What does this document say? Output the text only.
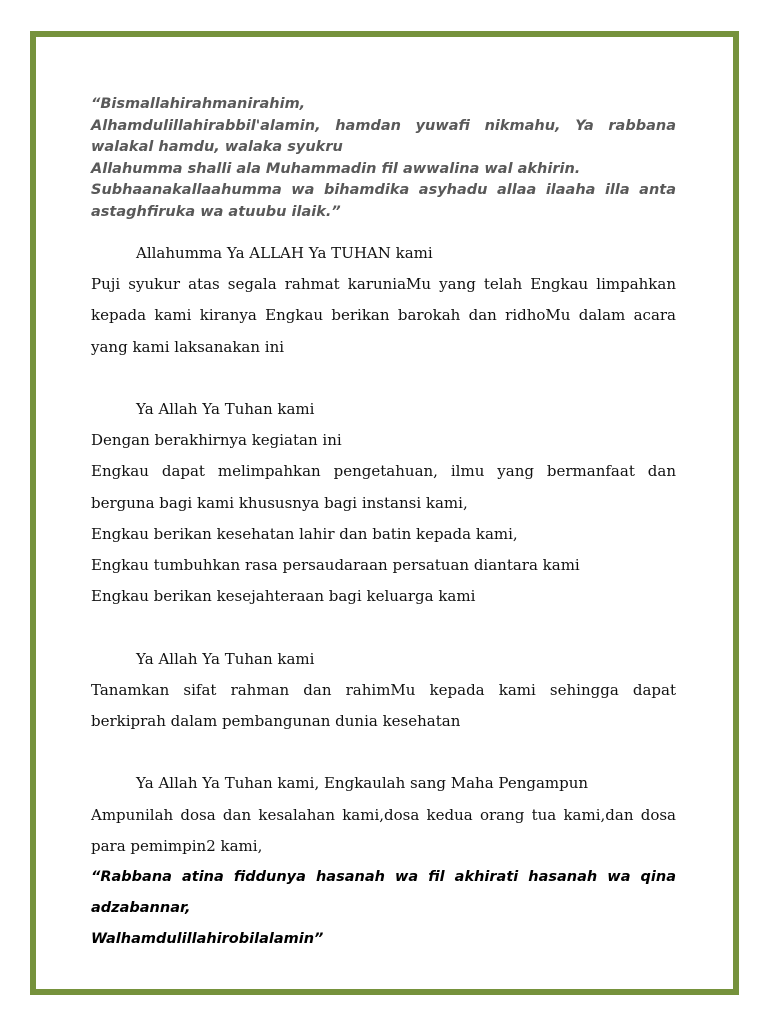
“Bismallahirahmanirahim,

Alhamdulillahirabbil'alamin, hamdan yuwafi nikmahu, Ya rabbana walakal hamdu, walaka syukru

Allahumma shalli ala Muhammadin fil awwalina wal akhirin.

Subhaanakallaahumma wa bihamdika asyhadu allaa ilaaha illa anta astaghfiruka wa atuubu ilaik.”

Allahumma Ya ALLAH Ya TUHAN kami

Puji syukur atas segala rahmat karuniaMu yang telah Engkau limpahkan kepada kami kiranya Engkau berikan barokah dan ridhoMu dalam acara yang kami laksanakan ini

Ya Allah Ya Tuhan kami

Dengan berakhirnya kegiatan ini

Engkau dapat melimpahkan pengetahuan, ilmu yang bermanfaat dan berguna bagi kami khususnya bagi instansi kami,

Engkau berikan kesehatan lahir dan batin kepada kami,

Engkau tumbuhkan rasa persaudaraan persatuan diantara kami

Engkau berikan kesejahteraan bagi keluarga kami

Ya Allah Ya Tuhan kami

Tanamkan sifat rahman dan rahimMu kepada kami sehingga dapat berkiprah dalam pembangunan dunia kesehatan

Ya Allah Ya Tuhan kami, Engkaulah sang Maha Pengampun

Ampunilah dosa dan kesalahan kami,dosa kedua orang tua kami,dan dosa para pemimpin2 kami,

“Rabbana atina fiddunya hasanah wa fil akhirati hasanah wa qina adzabannar,

Walhamdulillahirobilalamin”
